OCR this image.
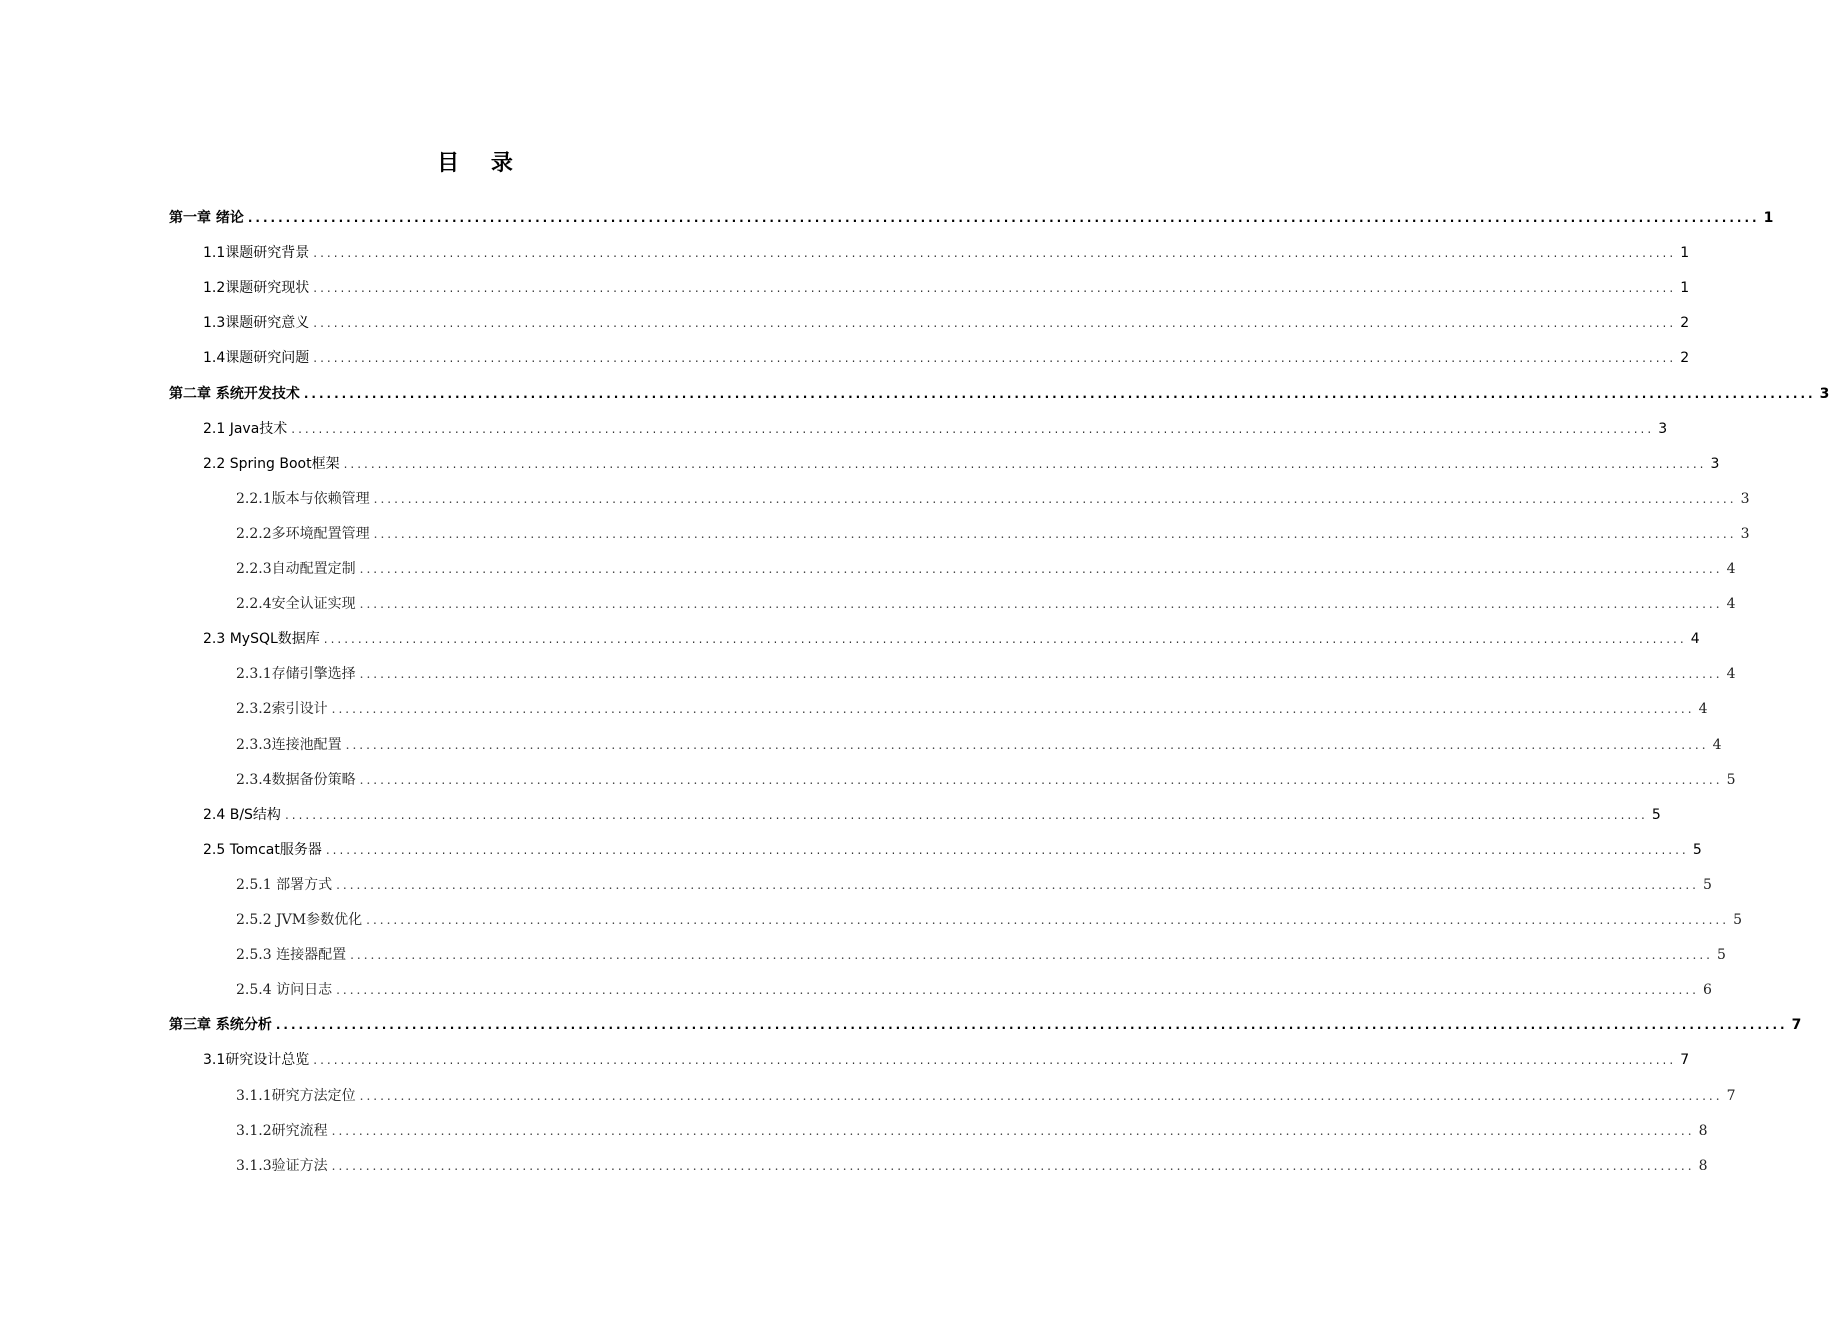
目 录
第一章 绪论 ........................................................................................................................................................................................................ 1
1.1课题研究背景 ........................................................................................................................................................................................................ 1
1.2课题研究现状 ........................................................................................................................................................................................................ 1
1.3课题研究意义 ........................................................................................................................................................................................................ 2
1.4课题研究问题 ........................................................................................................................................................................................................ 2
第二章 系统开发技术 ........................................................................................................................................................................................................ 3
2.1 Java技术 ........................................................................................................................................................................................................ 3
2.2 Spring Boot框架 ........................................................................................................................................................................................................ 3
2.2.1版本与依赖管理 ........................................................................................................................................................................................................ 3
2.2.2多环境配置管理 ........................................................................................................................................................................................................ 3
2.2.3自动配置定制 ........................................................................................................................................................................................................ 4
2.2.4安全认证实现 ........................................................................................................................................................................................................ 4
2.3 MySQL数据库 ........................................................................................................................................................................................................ 4
2.3.1存储引擎选择 ........................................................................................................................................................................................................ 4
2.3.2索引设计 ........................................................................................................................................................................................................ 4
2.3.3连接池配置 ........................................................................................................................................................................................................ 4
2.3.4数据备份策略 ........................................................................................................................................................................................................ 5
2.4 B/S结构 ........................................................................................................................................................................................................ 5
2.5 Tomcat服务器 ........................................................................................................................................................................................................ 5
2.5.1 部署方式 ........................................................................................................................................................................................................ 5
2.5.2 JVM参数优化 ........................................................................................................................................................................................................ 5
2.5.3 连接器配置 ........................................................................................................................................................................................................ 5
2.5.4 访问日志 ........................................................................................................................................................................................................ 6
第三章 系统分析 ........................................................................................................................................................................................................ 7
3.1研究设计总览 ........................................................................................................................................................................................................ 7
3.1.1研究方法定位 ........................................................................................................................................................................................................ 7
3.1.2研究流程 ........................................................................................................................................................................................................ 8
3.1.3验证方法 ........................................................................................................................................................................................................ 8
